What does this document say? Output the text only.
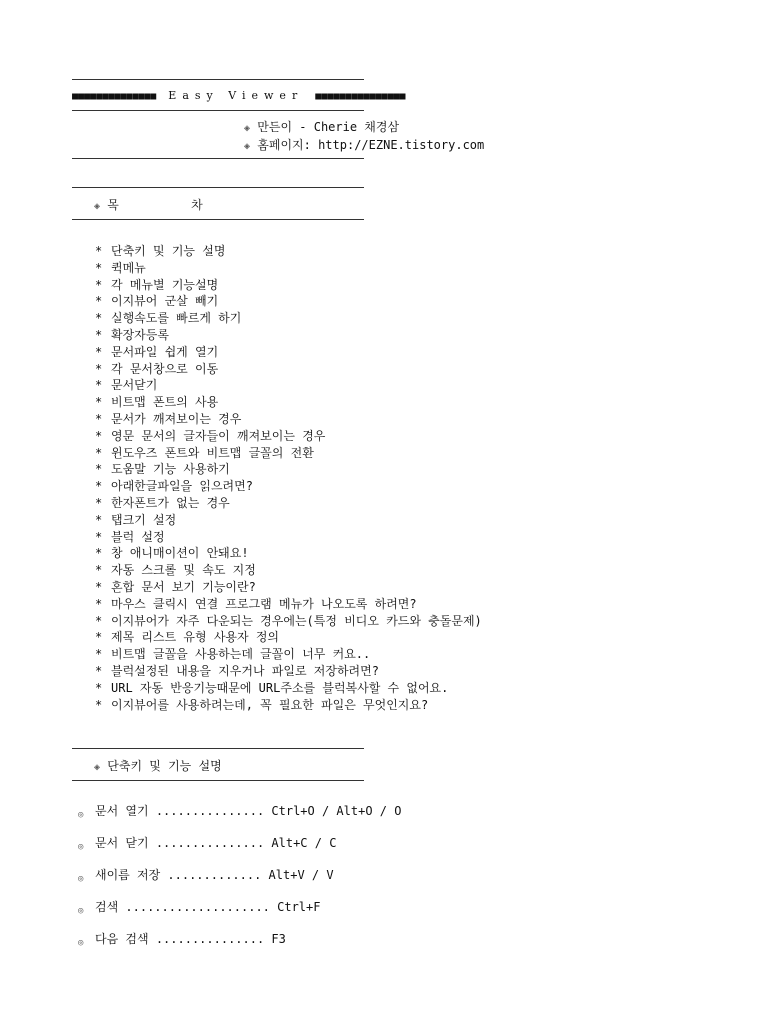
■■■■■■■■■■■■■■ Easy Viewer ■■■■■■■■■■■■■■■
◈ 만든이 - Cherie 채경삼
◈ 홈페이지: http://EZNE.tistory.com
◈ 목          차
* 단축키 및 기능 설명
* 퀵메뉴
* 각 메뉴별 기능설명
* 이지뷰어 군살 빼기
* 실행속도를 빠르게 하기
* 확장자등록
* 문서파일 쉽게 열기
* 각 문서창으로 이동
* 문서닫기
* 비트맵 폰트의 사용
* 문서가 깨져보이는 경우
* 영문 문서의 글자들이 깨져보이는 경우
* 윈도우즈 폰트와 비트맵 글꼴의 전환
* 도움말 기능 사용하기
* 아래한글파일을 읽으려면?
* 한자폰트가 없는 경우
* 탭크기 설정
* 블럭 설정
* 창 애니매이션이 안돼요!
* 자동 스크롤 및 속도 지정
* 혼합 문서 보기 기능이란?
* 마우스 클릭시 연결 프로그램 메뉴가 나오도록 하려면?
* 이지뷰어가 자주 다운되는 경우에는(특정 비디오 카드와 충돌문제)
* 제목 리스트 유형 사용자 정의
* 비트맵 글꼴을 사용하는데 글꼴이 너무 커요..
* 블럭설정된 내용을 지우거나 파일로 저장하려면?
* URL 자동 반응기능때문에 URL주소를 블럭복사할 수 없어요.
* 이지뷰어를 사용하려는데, 꼭 필요한 파일은 무엇인지요?
◈ 단축키 및 기능 설명
◎ 문서 열기 ............... Ctrl+O / Alt+O / O
◎ 문서 닫기 ............... Alt+C / C
◎ 새이름 저장 ............. Alt+V / V
◎ 검색 .................... Ctrl+F
◎ 다음 검색 ............... F3
